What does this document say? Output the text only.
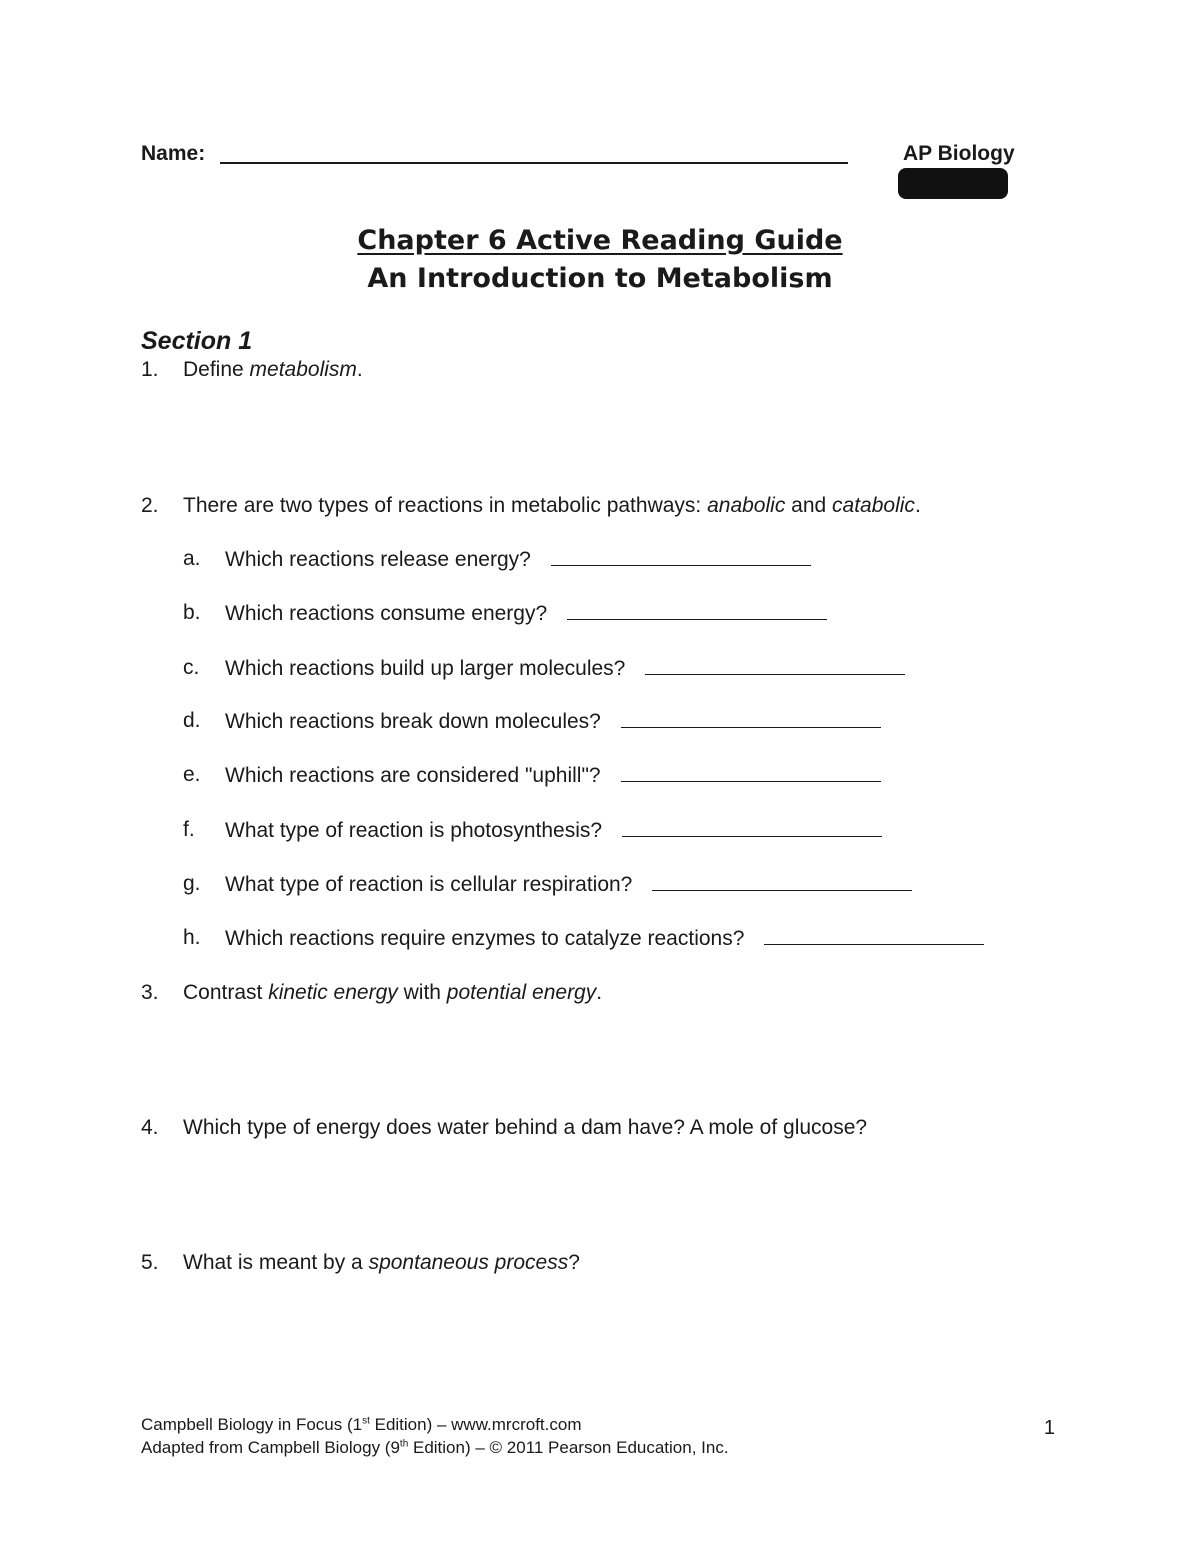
Name:	AP Biology
Chapter 6 Active Reading Guide
An Introduction to Metabolism
Section 1
1. Define metabolism.
2. There are two types of reactions in metabolic pathways: anabolic and catabolic.
a. Which reactions release energy?
b. Which reactions consume energy?
c. Which reactions build up larger molecules?
d. Which reactions break down molecules?
e. Which reactions are considered "uphill"?
f. What type of reaction is photosynthesis?
g. What type of reaction is cellular respiration?
h. Which reactions require enzymes to catalyze reactions?
3. Contrast kinetic energy with potential energy.
4. Which type of energy does water behind a dam have? A mole of glucose?
5. What is meant by a spontaneous process?
Campbell Biology in Focus (1st Edition) – www.mrcroft.com
Adapted from Campbell Biology (9th Edition) – © 2011 Pearson Education, Inc.
1
